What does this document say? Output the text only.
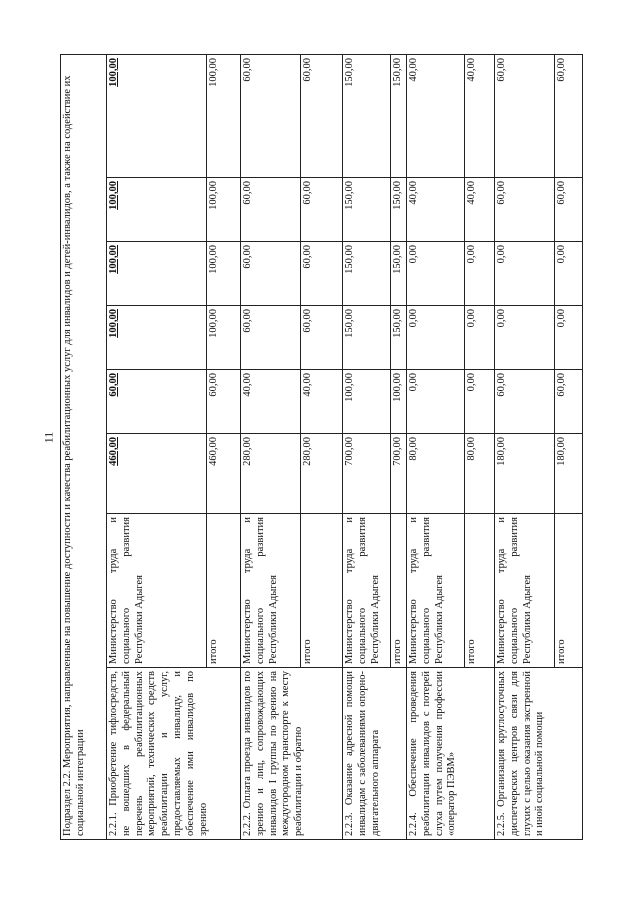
11 Подраздел 2.2. Мероприятия, направленные на повышение доступности и качества реабилитационных услуг для инвалидов и детей-инвалидов, а также на содействие их социальной интеграции							
2.2.1. Приобретение тифлосредств, не вошедших в федеральный перечень реабилитационных мероприятий, технических средств реабилитации и услуг, предоставляемых инвалиду, и обеспечение ими инвалидов по зрению	Министерство труда и социального развития Республики Адыгея	460,00	60,00	100,00	100,00	100,00	100,00
	итого	460,00	60,00	100,00	100,00	100,00	100,00
2.2.2. Оплата проезда инвалидов по зрению и лиц, сопровождающих инвалидов I группы по зрению на междугородном транспорте к месту реабилитации и обратно	Министерство труда и социального развития Республики Адыгея	280,00	40,00	60,00	60,00	60,00	60,00
	итого	280,00	40,00	60,00	60,00	60,00	60,00
2.2.3. Оказание адресной помощи инвалидам с заболеваниями опорно-двигательного аппарата	Министерство труда и социального развития Республики Адыгея	700,00	100,00	150,00	150,00	150,00	150,00
	итого	700,00	100,00	150,00	150,00	150,00	150,00
2.2.4. Обеспечение проведения реабилитации инвалидов с потерей слуха путем получения профессии «оператор ПЭВМ»	Министерство труда и социального развития Республики Адыгея	80,00	0,00	0,00	0,00	40,00	40,00
	итого	80,00	0,00	0,00	0,00	40,00	40,00
2.2.5. Организация круглосуточных диспетчерских центров связи для глухих с целью оказания экстренной и иной социальной помощи	Министерство труда и социального развития Республики Адыгея	180,00	60,00	0,00	0,00	60,00	60,00
	итого	180,00	60,00	0,00	0,00	60,00	60,00
